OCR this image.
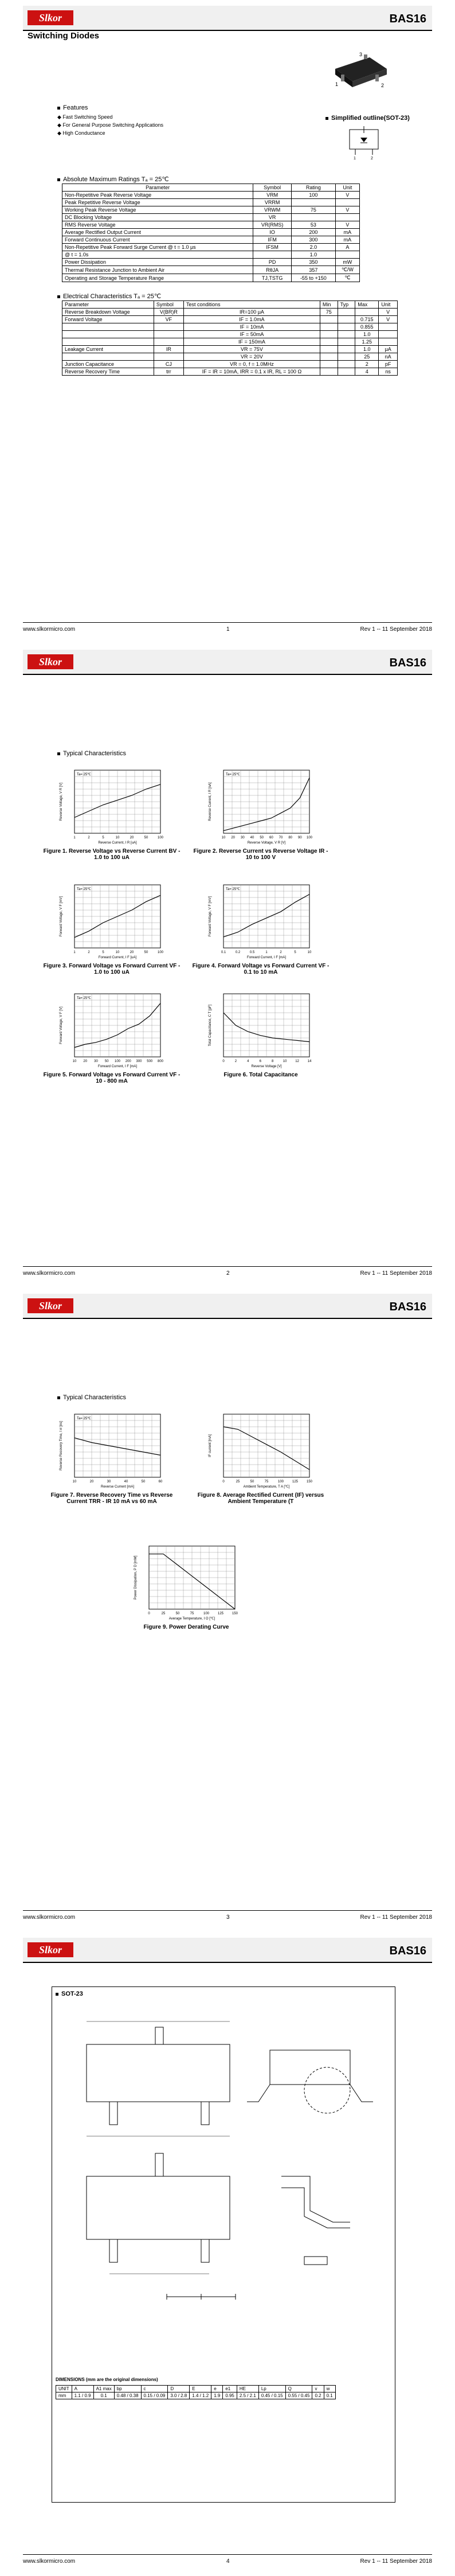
Slkor	BAS16
Switching Diodes
3
1	2
Features
◆ Fast Switching Speed
◆ For General Purpose Switching Applications
◆ High Conductance
Simplified outline(SOT-23)
1	2
Absolute Maximum Ratings Tₐ = 25℃
Parameter	Symbol	Rating	Unit
Non-Repetitive Peak Reverse Voltage	VRM	100	V
Peak Repetitive Reverse Voltage	VRRM		
Working Peak Reverse Voltage	VRWM	75	V
DC Blocking Voltage	VR		
RMS Reverse Voltage	VR(RMS)	53	V
Average Rectified Output Current	IO	200	mA
Forward Continuous Current	IFM	300	mA
Non-Repetitive Peak Forward Surge Current @ t = 1.0 μs	IFSM	2.0	A
@ t = 1.0s		1.0	
Power Dissipation	PD	350	mW
Thermal Resistance Junction to Ambient Air	RθJA	357	℃/W
Operating and Storage Temperature Range	TJ,TSTG	-55 to +150	℃
Electrical Characteristics Tₐ = 25℃
Parameter	Symbol	Test conditions	Min	Typ	Max	Unit
Reverse Breakdown Voltage	V(BR)R	IR=100 μA	75			V
Forward Voltage	VF	IF = 1.0mA			0.715	V
		IF = 10mA			0.855	
		IF = 50mA			1.0	
		IF = 150mA			1.25	
Leakage Current	IR	VR = 75V			1.0	μA
		VR = 20V			25	nA
Junction Capacitance	CJ	VR = 0, f = 1.0MHz			2	pF
Reverse Recovery Time	trr	IF = IR = 10mA, IRR = 0.1 x IR, RL = 100 Ω			4	ns
www.slkormicro.com	1	Rev 1 -- 11 September 2018
Slkor	BAS16
Typical Characteristics
1	2	5	10	20	50	100
Reverse Current, I R [uA]
Reverse Voltage, V R [V]
Ta= 25℃
Figure 1. Reverse Voltage vs Reverse Current BV - 1.0 to 100 uA
10 20 30 40 50 60 70 80 90 100
Reverse Voltage, V R [V]
Reverse Current, I R [nA]
Ta= 25℃
Figure 2. Reverse Current vs Reverse Voltage IR - 10 to 100 V
1	2	5	10	20	50	100
Forward Current, I F [uA]
Forward Voltage, V F [mV]
Ta= 25℃
Figure 3. Forward Voltage vs Forward Current VF - 1.0 to 100 uA
0.1	0.2	0.5	1	2	5	10
Forward Current, I F [mA]
Forward Voltage, V F [mV]
Ta= 25℃
Figure 4. Forward Voltage vs Forward Current VF - 0.1 to 10 mA
10 20 30 50 100 200 300 500 800
Forward Current, I F [mA]
Forward Voltage, V F [V]
Ta= 25℃
Figure 5. Forward Voltage vs Forward Current VF - 10 - 800 mA
0	2	4	6	8	10 12 14
Reverse Voltage [V]
Total Capacitance, C T [pF]
Figure 6. Total Capacitance
www.slkormicro.com	2	Rev 1 -- 11 September 2018
Slkor	BAS16
Typical Characteristics
10	20	30	40	50	60
Reverse Current [mA]
Reverse Recovery Time, t rr [ns]
Ta= 25℃
Figure 7. Reverse Recovery Time vs Reverse Current TRR - IR 10 mA vs 60 mA
0	25	50	75	100 125 150
Ambient Temperature, T A [℃]
IF current [mA]
Figure 8. Average Rectified Current (IF) versus Ambient Temperature (T
0	25	50	75	100 125 150
Average Temperature, I O [℃]
Power Dissipation, P D [mW]
Figure 9. Power Derating Curve
www.slkormicro.com	3	Rev 1 -- 11 September 2018
Slkor	BAS16
SOT-23
DIMENSIONS (mm are the original dimensions)
UNIT	A	A1 max	bp	c	D	E	e	e1	HE	Lp	Q	v	w
mm	1.1 / 0.9	0.1	0.48 / 0.38	0.15 / 0.09	3.0 / 2.8	1.4 / 1.2	1.9	0.95	2.5 / 2.1	0.45 / 0.15	0.55 / 0.45	0.2	0.1
www.slkormicro.com	4	Rev 1 -- 11 September 2018
